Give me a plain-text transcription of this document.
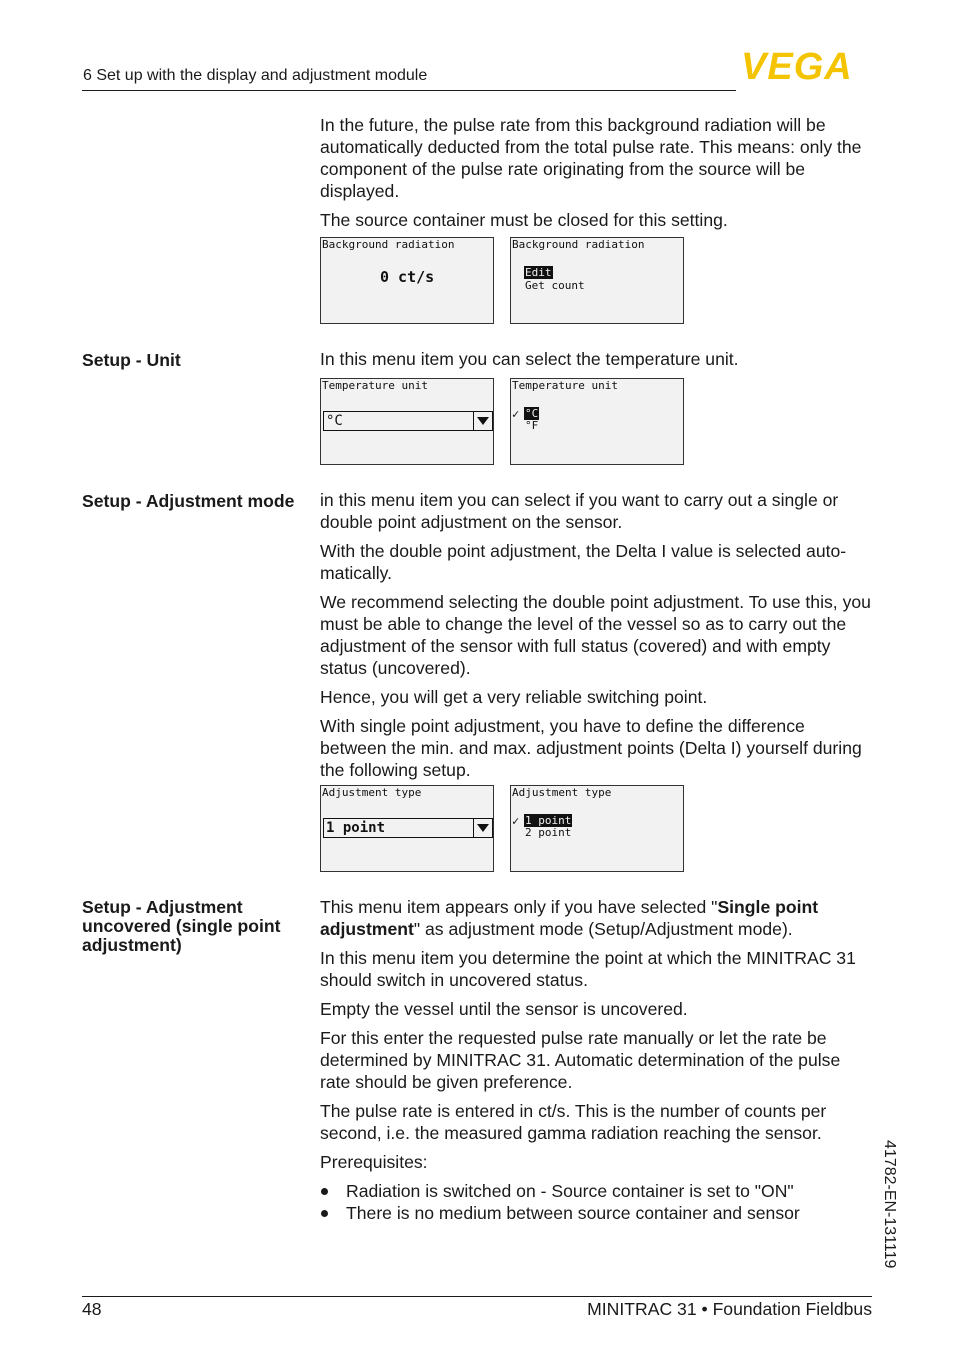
6 Set up with the display and adjustment module	VEGA

In the future, the pulse rate from this background radiation will be automatically deducted from the total pulse rate. This means: only the component of the pulse rate originating from the source will be displayed.

The source container must be closed for this setting.

Background radiation
0 ct/s
Background radiation
Edit
Get count
Setup - Unit	In this menu item you can select the temperature unit.

Temperature unit
°C
Temperature unit
✓ °C
°F
Setup - Adjustment mode in this menu item you can select if you want to carry out a single or double point adjustment on the sensor.

With the double point adjustment, the Delta I value is selected auto-matically.

We recommend selecting the double point adjustment. To use this, you must be able to change the level of the vessel so as to carry out the adjustment of the sensor with full status (covered) and with empty status (uncovered).

Hence, you will get a very reliable switching point.

With single point adjustment, you have to define the difference between the min. and max. adjustment points (Delta I) yourself during the following setup.

Adjustment type
1 point
Adjustment type
✓ 1 point
2 point
Setup - Adjustment uncovered (single point adjustment)

This menu item appears only if you have selected "Single point adjustment" as adjustment mode (Setup/Adjustment mode).

In this menu item you determine the point at which the MINITRAC 31 should switch in uncovered status.

Empty the vessel until the sensor is uncovered.

For this enter the requested pulse rate manually or let the rate be determined by MINITRAC 31. Automatic determination of the pulse rate should be given preference.

The pulse rate is entered in ct/s. This is the number of counts per second, i.e. the measured gamma radiation reaching the sensor.

Prerequisites:

Radiation is switched on - Source container is set to "ON"
There is no medium between source container and sensor	41782-EN-131119
48	MINITRAC 31 • Foundation Fieldbus
